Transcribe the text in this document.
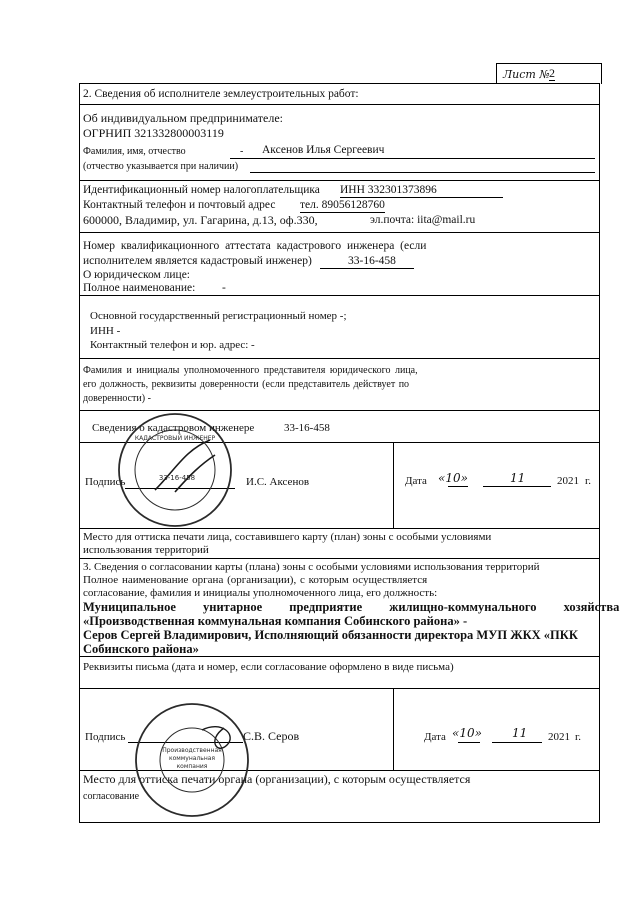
Лист № 2
2. Сведения об исполнителе землеустроительных работ:
Об индивидуальном предпринимателе:
ОГРНИП 321332800003119
Фамилия, имя, отчество	- Аксенов Илья Сергеевич
(отчество указывается при наличии)
Идентификационный номер налогоплательщика ИНН 332301373896
Контактный телефон и почтовый адрес тел. 89056128760
600000, Владимир, ул. Гагарина, д.13, оф.330,	эл.почта: iita@mail.ru
Номер квалификационного аттестата кадастрового инженера (если
исполнителем является кадастровый инженер)	33-16-458
О юридическом лице:
Полное наименование: -
Основной государственный регистрационный номер -;
ИНН -
Контактный телефон и юр. адрес: -
Фамилия и инициалы уполномоченного представителя юридического лица,
его должность, реквизиты доверенности (если представитель действует по
доверенности) -
Сведения о кадастровом инженере	33-16-458
Подпись	И.С. Аксенов	Дата «10»	11	2021 г.
Место для оттиска печати лица, составившего карту (план) зоны с особыми условиями
использования территорий
3. Сведения о согласовании карты (плана) зоны с особыми условиями использования территорий
Полное наименование органа (организации), с которым осуществляется
согласование, фамилия и инициалы уполномоченного лица, его должность:
Муниципальное унитарное предприятие жилищно-коммунального хозяйства
«Производственная коммунальная компания Собинского района» -
Серов Сергей Владимирович, Исполняющий обязанности директора МУП ЖКХ «ПКК
Собинского района»
Реквизиты письма (дата и номер, если согласование оформлено в виде письма)
Подпись	С.В. Серов	Дата «10»	11 2021 г.
Место для оттиска печати органа (организации), с которым осуществляется
согласование
КАДАСТРОВЫЙ ИНЖЕНЕР
33-16-458
Производственная
коммунальная
компания
